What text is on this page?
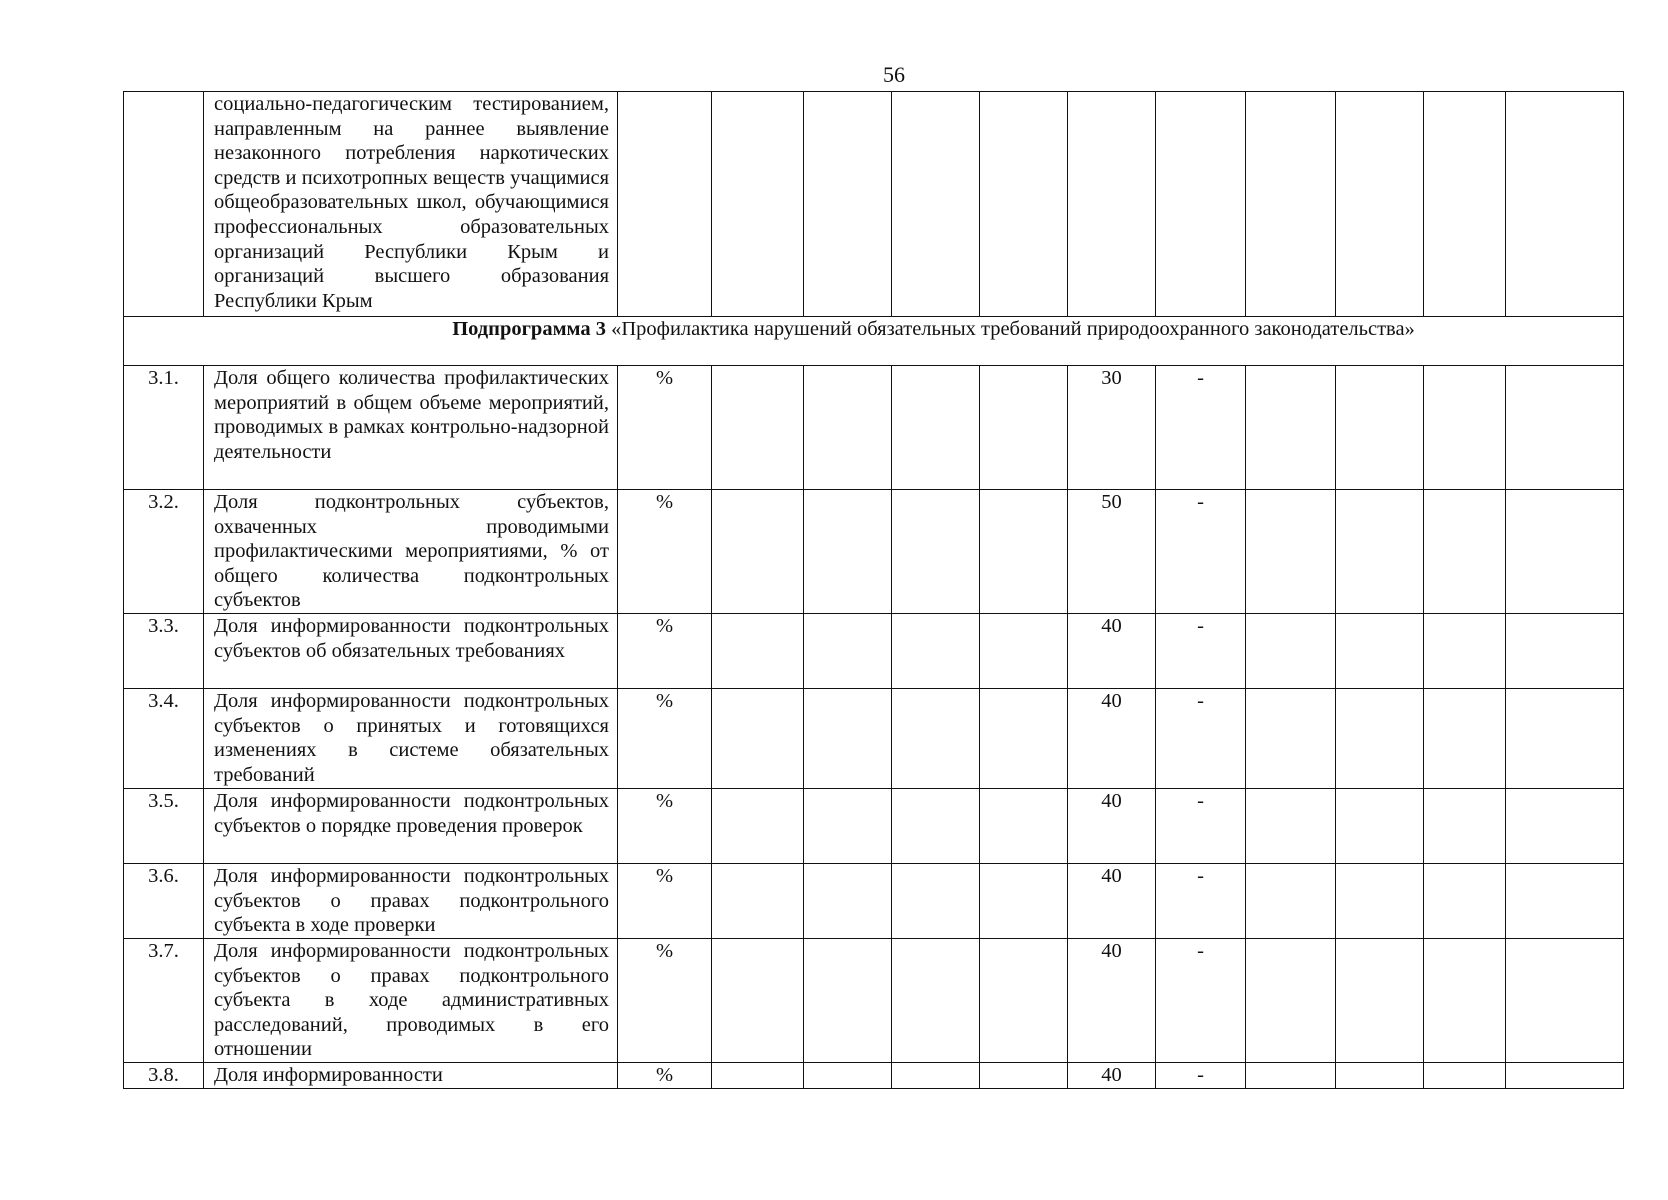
56

	социально-педагогическим тестированием, направленным на раннее выявление незаконного потребления наркотических средств и психотропных веществ учащимися общеобразовательных школ, обучающимися профессиональных образовательных организаций Республики Крым и организаций высшего образования Республики Крым											

Подпрограмма 3 «Профилактика нарушений обязательных требований природоохранного законодательства»												
3.1.	Доля общего количества профилактических мероприятий в общем объеме мероприятий, проводимых в рамках контрольно-надзорной деятельности	%					30	-				
3.2.	Доля подконтрольных субъектов, охваченных проводимыми профилактическими мероприятиями, % от общего количества подконтрольных субъектов	%					50	-				
3.3.	Доля информированности подконтрольных субъектов об обязательных требованиях	%					40	-				
3.4.	Доля информированности подконтрольных субъектов о принятых и готовящихся изменениях в системе обязательных требований	%					40	-				
3.5.	Доля информированности подконтрольных субъектов о порядке проведения проверок	%					40	-				
3.6.	Доля информированности подконтрольных субъектов о правах подконтрольного субъекта в ходе проверки	%					40	-				
3.7.	Доля информированности подконтрольных субъектов о правах подконтрольного субъекта в ходе административных расследований, проводимых в его отношении	%					40	-				
3.8.	Доля информированности	%					40	-				
